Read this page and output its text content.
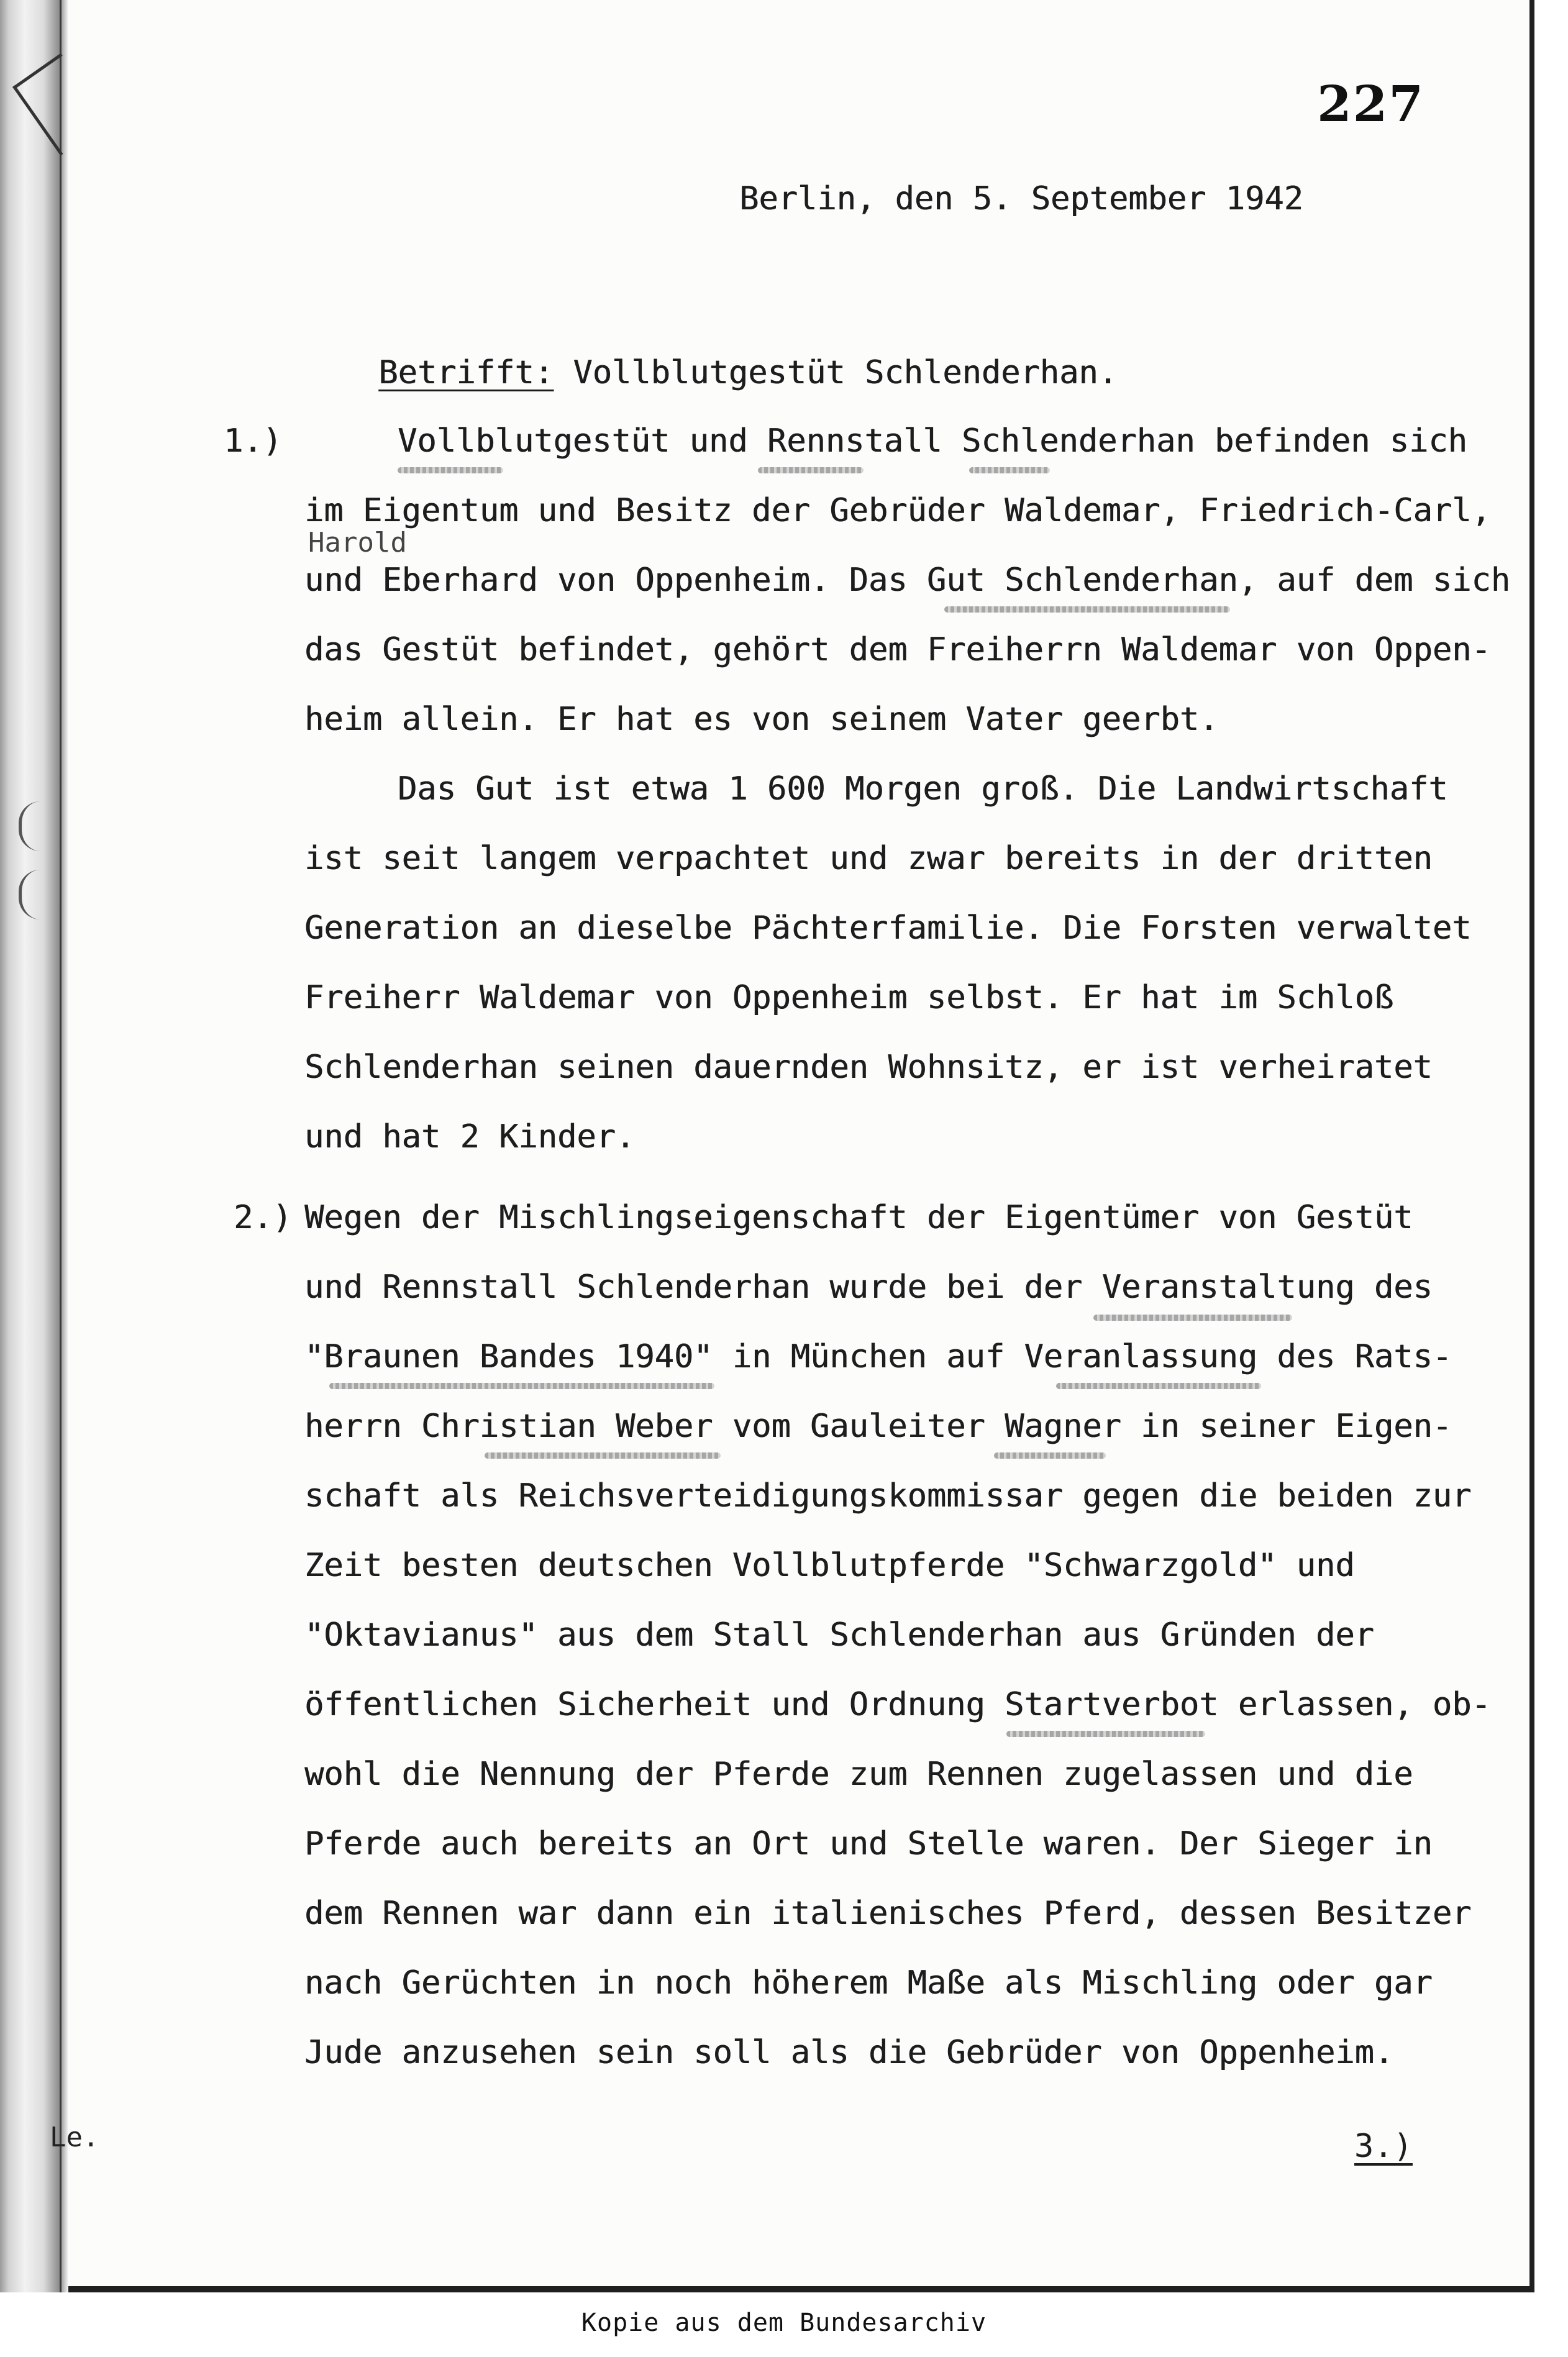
227
Berlin, den 5. September 1942

Betrifft: Vollblutgestüt Schlenderhan.

1.)	Vollblutgestüt und Rennstall Schlenderhan befinden sich
im Eigentum und Besitz der Gebrüder Waldemar, Friedrich-Carl,
Harold
und Eberhard von Oppenheim. Das Gut Schlenderhan, auf dem sich
das Gestüt befindet, gehört dem Freiherrn Waldemar von Oppen-
heim allein. Er hat es von seinem Vater geerbt.
Das Gut ist etwa 1 600 Morgen groß. Die Landwirtschaft
ist seit langem verpachtet und zwar bereits in der dritten
Generation an dieselbe Pächterfamilie. Die Forsten verwaltet
Freiherr Waldemar von Oppenheim selbst. Er hat im Schloß
Schlenderhan seinen dauernden Wohnsitz, er ist verheiratet
und hat 2 Kinder.
2.) Wegen der Mischlingseigenschaft der Eigentümer von Gestüt
und Rennstall Schlenderhan wurde bei der Veranstaltung des
"Braunen Bandes 1940" in München auf Veranlassung des Rats-
herrn Christian Weber vom Gauleiter Wagner in seiner Eigen-
schaft als Reichsverteidigungskommissar gegen die beiden zur
Zeit besten deutschen Vollblutpferde "Schwarzgold" und
"Oktavianus" aus dem Stall Schlenderhan aus Gründen der
öffentlichen Sicherheit und Ordnung Startverbot erlassen, ob-
wohl die Nennung der Pferde zum Rennen zugelassen und die
Pferde auch bereits an Ort und Stelle waren. Der Sieger in
dem Rennen war dann ein italienisches Pferd, dessen Besitzer
nach Gerüchten in noch höherem Maße als Mischling oder gar
Jude anzusehen sein soll als die Gebrüder von Oppenheim.
Le.	3.)
Kopie aus dem Bundesarchiv
